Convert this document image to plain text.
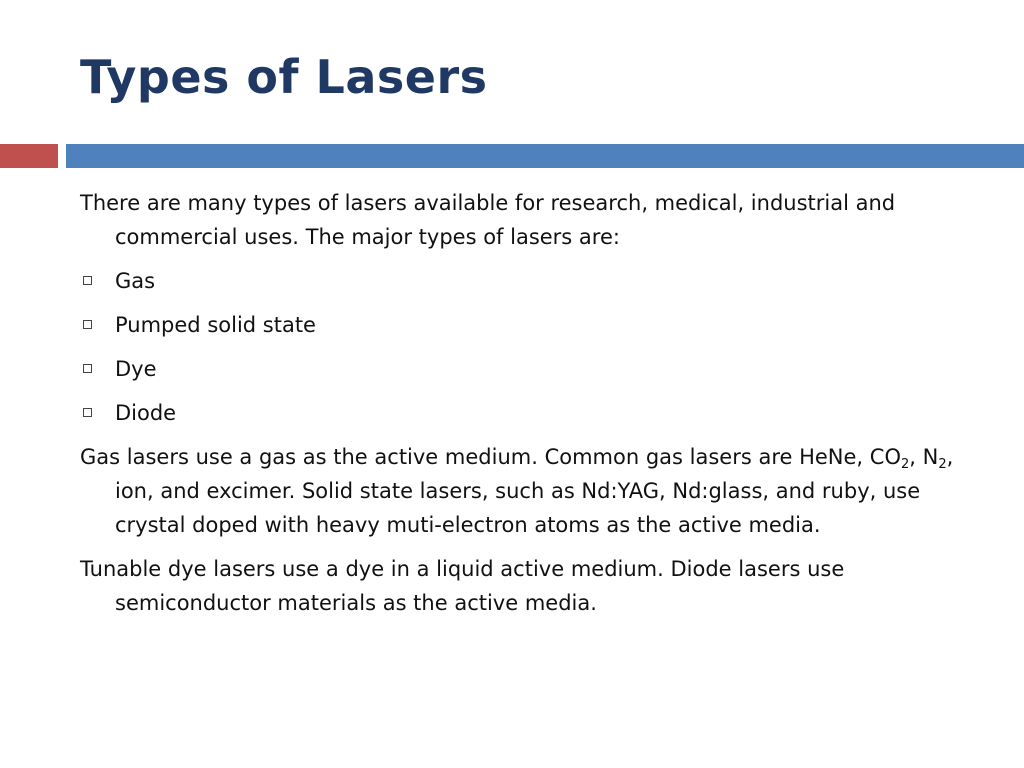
Types of Lasers

There are many types of lasers available for research, medical, industrial and commercial uses. The major types of lasers are:

Gas
Pumped solid state
Dye
Diode

Gas lasers use a gas as the active medium. Common gas lasers are HeNe, $CO_2$, $N_2$, ion, and excimer. Solid state lasers, such as Nd:YAG, Nd:glass, and ruby, use crystal doped with heavy muti-electron atoms as the active media.

Tunable dye lasers use a dye in a liquid active medium. Diode lasers use semiconductor materials as the active media.
